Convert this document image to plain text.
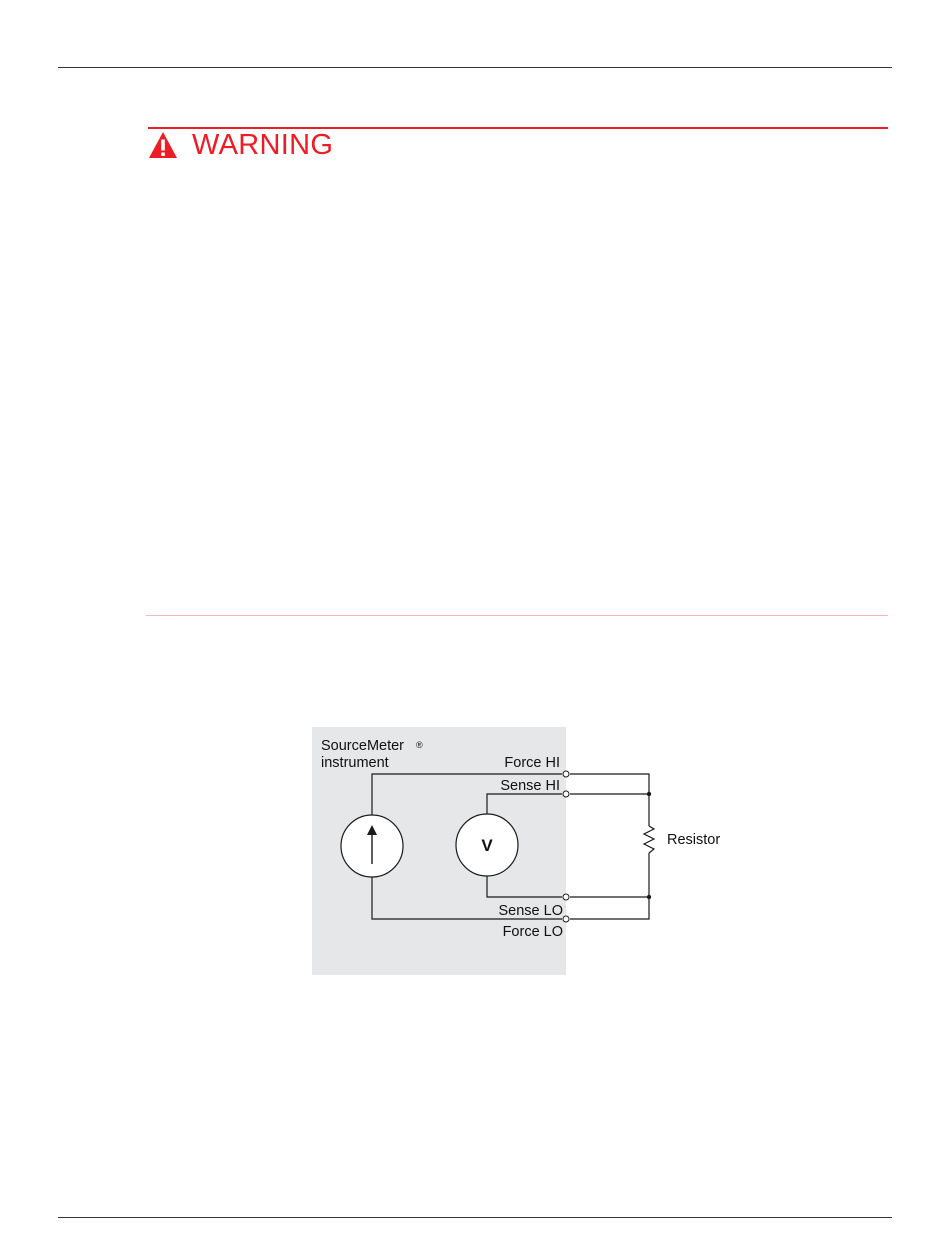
WARNING
SourceMeter ®
instrument	Force HI
Sense HI
Sense LO
Force LO
V	Resistor
